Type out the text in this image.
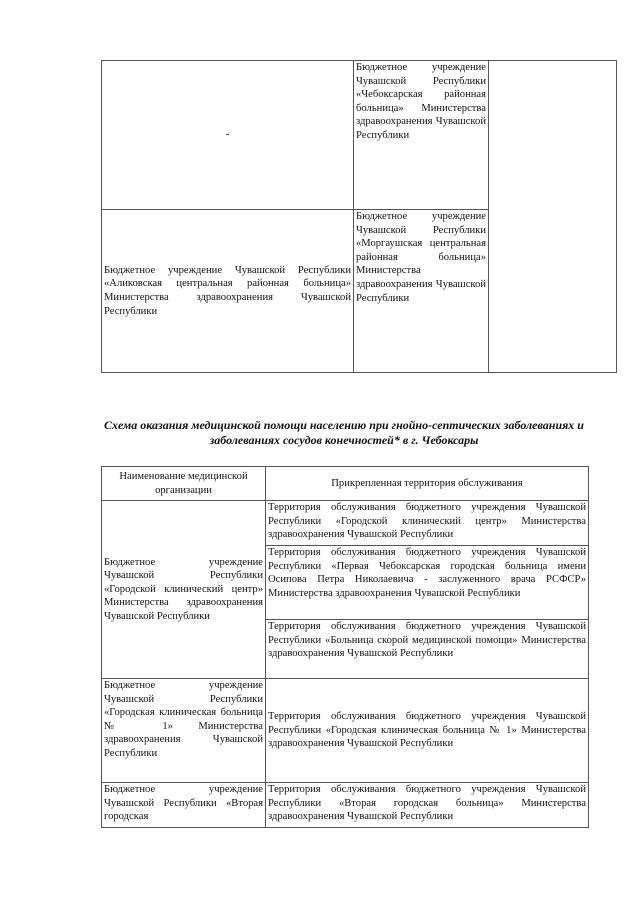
-	Бюджетное учреждение Чувашской Республики «Чебоксарская районная больница» Министерства здравоохранения Чувашской Республики	
Бюджетное учреждение Чувашской Республики «Аликовская центральная районная больница» Министерства здравоохранения Чувашской Республики	Бюджетное учреждение Чувашской Республики «Моргаушская центральная районная больница» Министерства здравоохранения Чувашской Республики	

Схема оказания медицинской помощи населению при гнойно-септических заболеваниях и заболеваниях сосудов конечностей* в г. Чебоксары

Наименование медицинской организации	Прикрепленная территория обслуживания
Бюджетное учреждение Чувашской Республики «Городской клинический центр» Министерства здравоохранения Чувашской Республики	Территория обслуживания бюджетного учреждения Чувашской Республики «Городской клинический центр» Министерства здравоохранения Чувашской Республики
	Территория обслуживания бюджетного учреждения Чувашской Республики «Первая Чебоксарская городская больница имени Осипова Петра Николаевича - заслуженного врача РСФСР» Министерства здравоохранения Чувашской Республики
	Территория обслуживания бюджетного учреждения Чувашской Республики «Больница скорой медицинской помощи» Министерства здравоохранения Чувашской Республики
Бюджетное учреждение Чувашской Республики «Городская клиническая больница № 1» Министерства здравоохранения Чувашской Республики	Территория обслуживания бюджетного учреждения Чувашской Республики «Городская клиническая больница № 1» Министерства здравоохранения Чувашской Республики
Бюджетное учреждение Чувашской Республики «Вторая городская	Территория обслуживания бюджетного учреждения Чувашской Республики «Вторая городская больница» Министерства здравоохранения Чувашской Республики
